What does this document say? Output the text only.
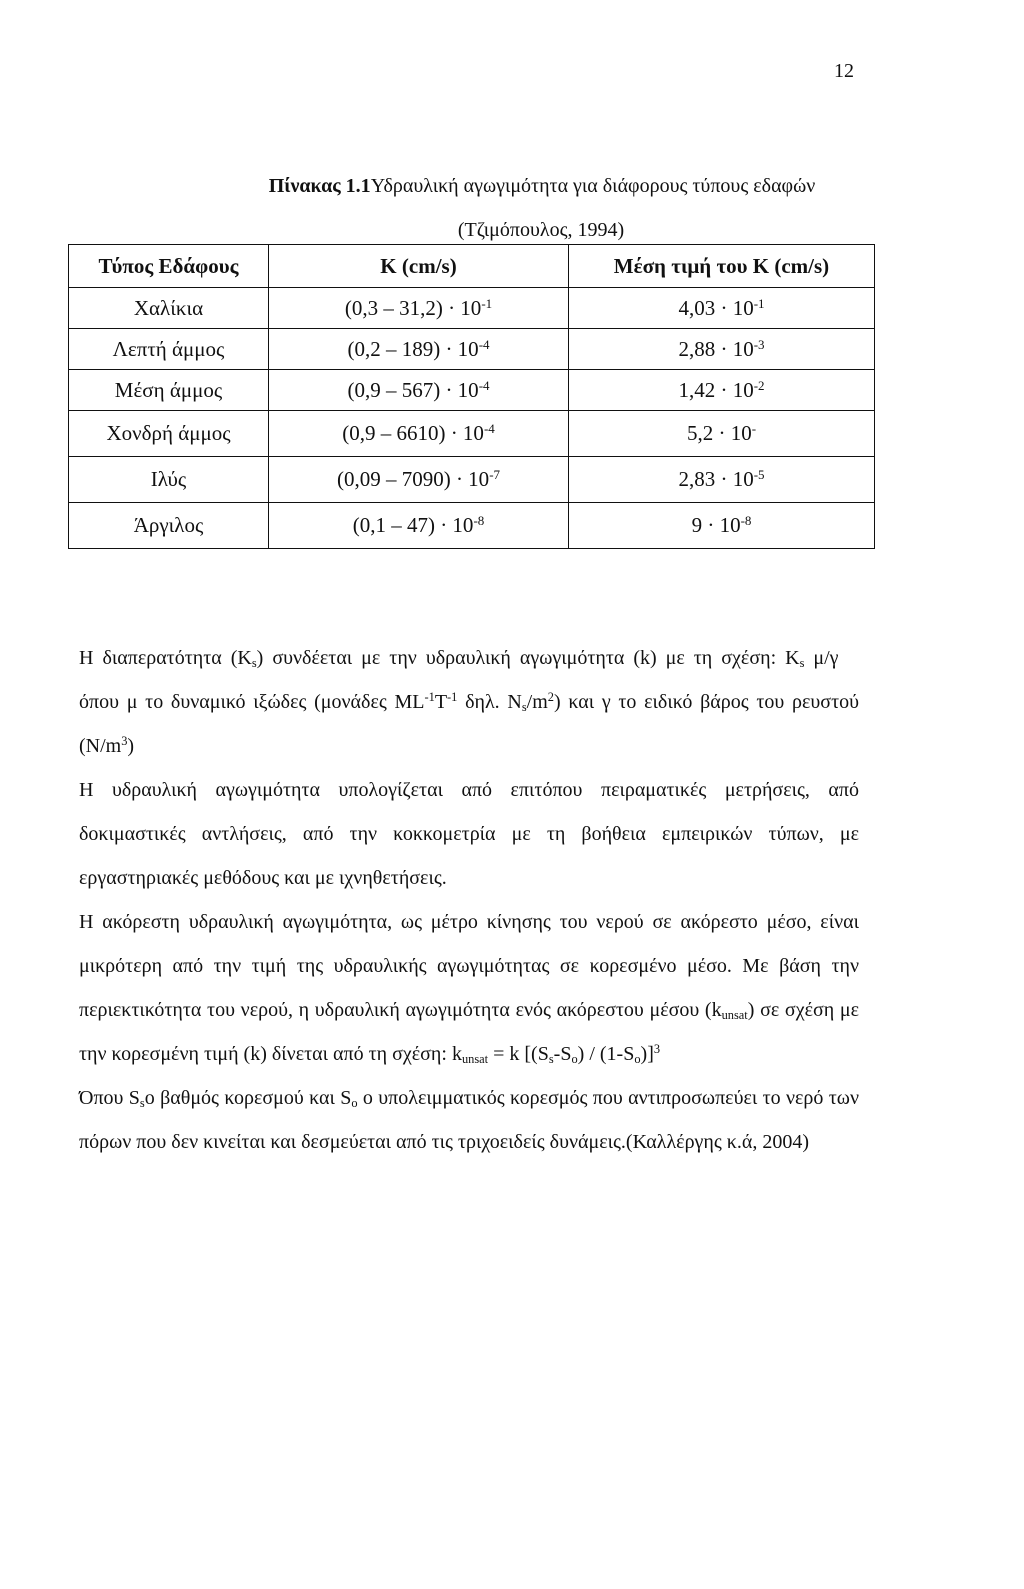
12
Πίνακας 1.1Υδραυλική αγωγιμότητα για διάφορους τύπους εδαφών
(Τζιμόπουλος, 1994)
Τύπος Εδάφους	K (cm/s)	Μέση τιμή του K (cm/s)
Χαλίκια	$(0,3 - 31,2) \cdot 10^{-1}$	$4,03 \cdot 10^{-1}$
Λεπτή άμμος	$(0,2 - 189) \cdot 10^{-4}$	$2,88 \cdot 10^{-3}$
Μέση άμμος	$(0,9 - 567) \cdot 10^{-4}$	$1,42 \cdot 10^{-2}$
Χονδρή άμμος	$(0,9 - 6610) \cdot 10^{-4}$	5,2 · 10-
Ιλύς	$(0,09 - 7090) \cdot 10^{-7}$	$2,83 \cdot 10^{-5}$
Άργιλος	$(0,1 - 47) \cdot 10^{-8}$	$9 \cdot 10^{-8}$

Η διαπερατότητα $(K_s)$ συνδέεται με την υδραυλική αγωγιμότητα (k) με τη σχέση: $K_s$ μ/γ

όπου μ το δυναμικό ιξώδες (μονάδες $ML^{-1}T^{-1}$ δηλ. $N_s/m^2$) και γ το ειδικό βάρος του ρευστού $(N/m^3)$

Η υδραυλική αγωγιμότητα υπολογίζεται από επιτόπου πειραματικές μετρήσεις, από δοκιμαστικές αντλήσεις, από την κοκκομετρία με τη βοήθεια εμπειρικών τύπων, με εργαστηριακές μεθόδους και με ιχνηθετήσεις.

Η ακόρεστη υδραυλική αγωγιμότητα, ως μέτρο κίνησης του νερού σε ακόρεστο μέσο, είναι μικρότερη από την τιμή της υδραυλικής αγωγιμότητας σε κορεσμένο μέσο. Με βάση την περιεκτικότητα του νερού, η υδραυλική αγωγιμότητα ενός ακόρεστου μέσου $(k_{unsat})$ σε σχέση με την κορεσμένη τιμή (k) δίνεται από τη σχέση: $k_{unsat} = k$ $[(S_s-S_o) / (1-S_o)]^3$

Όπου $S_so$ βαθμός κορεσμού και $S_o$ ο υπολειμματικός κορεσμός που αντιπροσωπεύει το νερό των πόρων που δεν κινείται και δεσμεύεται από τις τριχοειδείς δυνάμεις.(Καλλέργης κ.ά, 2004)
